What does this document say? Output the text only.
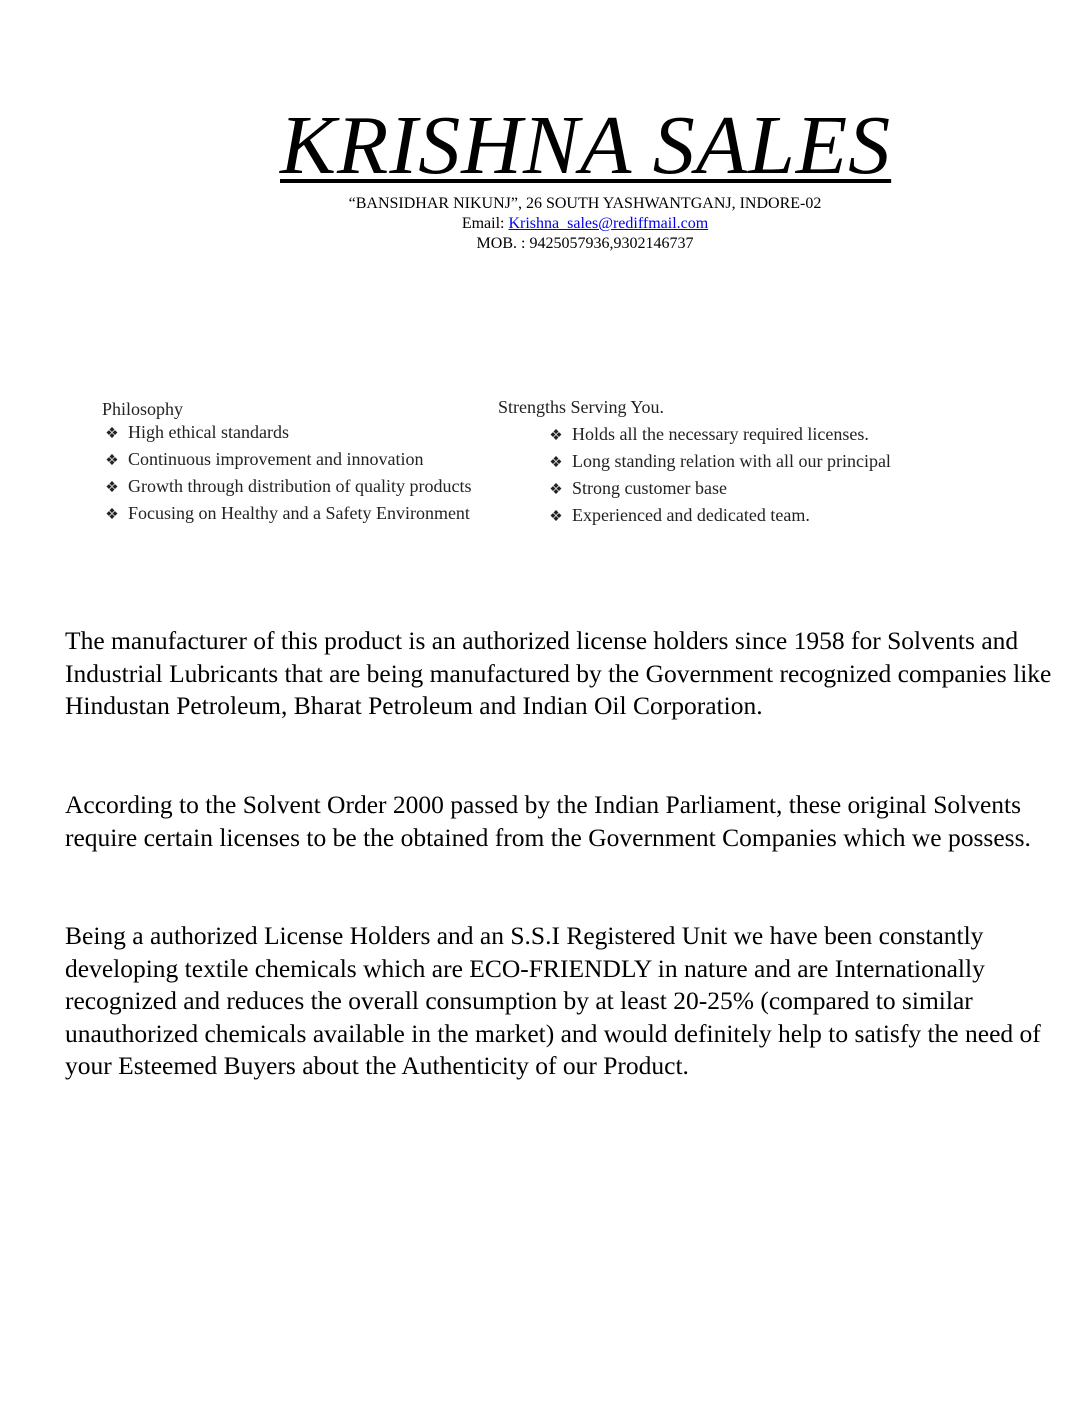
KRISHNA SALES
“BANSIDHAR NIKUNJ”, 26 SOUTH YASHWANTGANJ, INDORE-02
Email: Krishna_sales@rediffmail.com
MOB. : 9425057936,9302146737
Philosophy
❖ High ethical standards
❖ Continuous improvement and innovation
❖ Growth through distribution of quality products
❖ Focusing on Healthy and a Safety Environment
Strengths Serving You.
❖ Holds all the necessary required licenses.
❖ Long standing relation with all our principal
❖ Strong customer base
❖ Experienced and dedicated team.

The manufacturer of this product is an authorized license holders since 1958 for Solvents and Industrial Lubricants that are being manufactured by the Government recognized companies like Hindustan Petroleum, Bharat Petroleum and Indian Oil Corporation.

According to the Solvent Order 2000 passed by the Indian Parliament, these original Solvents require certain licenses to be the obtained from the Government Companies which we possess.

Being a authorized License Holders and an S.S.I Registered Unit we have been constantly developing textile chemicals which are ECO-FRIENDLY in nature and are Internationally recognized and reduces the overall consumption by at least 20-25% (compared to similar unauthorized chemicals available in the market) and would definitely help to satisfy the need of your Esteemed Buyers about the Authenticity of our Product.
